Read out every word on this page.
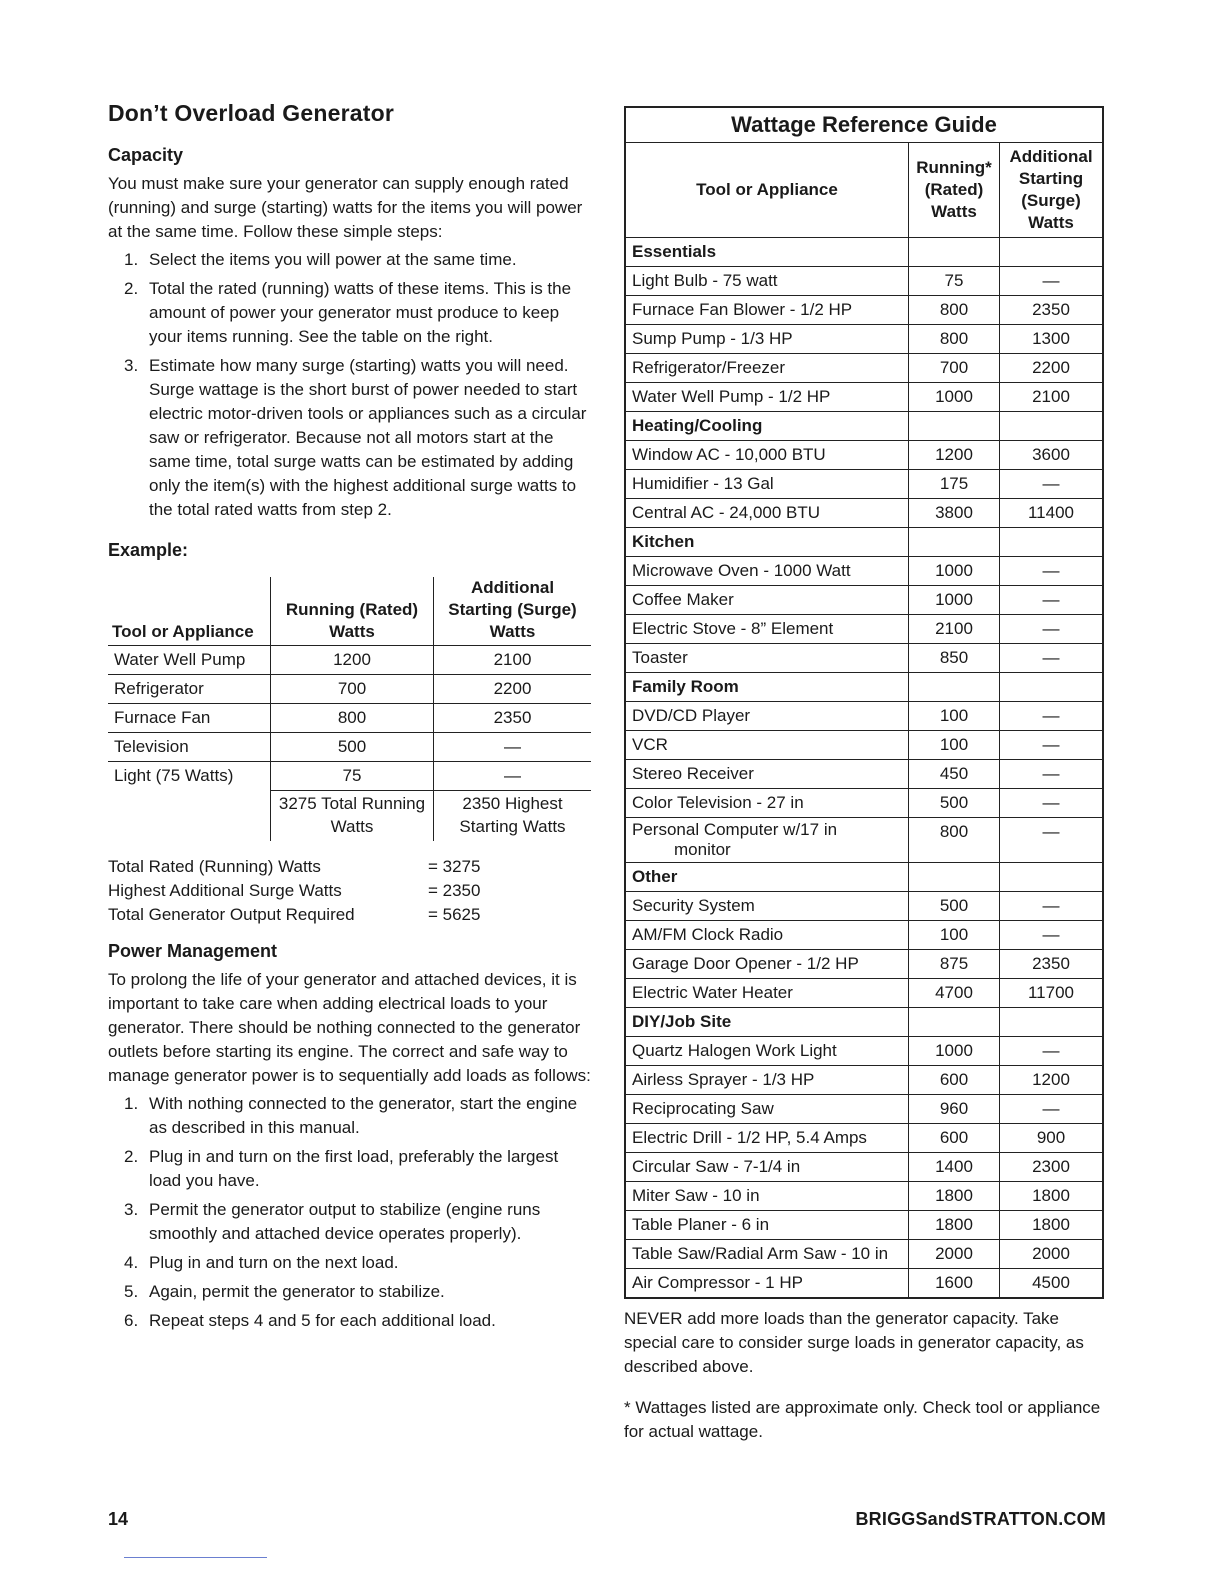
Don’t Overload Generator
Capacity

You must make sure your generator can supply enough rated (running) and surge (starting) watts for the items you will power at the same time. Follow these simple steps:

1. Select the items you will power at the same time.
2. Total the rated (running) watts of these items. This is the amount of power your generator must produce to keep your items running. See the table on the right.
3. Estimate how many surge (starting) watts you will need. Surge wattage is the short burst of power needed to start electric motor-driven tools or appliances such as a circular saw or refrigerator. Because not all motors start at the same time, total surge watts can be estimated by adding only the item(s) with the highest additional surge watts to the total rated watts from step 2.
Example:
Tool or Appliance	Running (Rated) Watts	Additional Starting (Surge) Watts
Water Well Pump	1200	2100
Refrigerator	700	2200
Furnace Fan	800	2350
Television	500	—
Light (75 Watts)	75	—
	3275 Total Running Watts	2350 Highest Starting Watts
Total Rated (Running) Watts	= 3275
Highest Additional Surge Watts	= 2350
Total Generator Output Required	= 5625
Power Management

To prolong the life of your generator and attached devices, it is important to take care when adding electrical loads to your generator. There should be nothing connected to the generator outlets before starting its engine. The correct and safe way to manage generator power is to sequentially add loads as follows:

1. With nothing connected to the generator, start the engine as described in this manual.
2. Plug in and turn on the first load, preferably the largest load you have.
3. Permit the generator output to stabilize (engine runs smoothly and attached device operates properly).
4. Plug in and turn on the next load.
5. Again, permit the generator to stabilize.
6. Repeat steps 4 and 5 for each additional load.
Wattage Reference Guide		
Tool or Appliance	Running* (Rated) Watts	Additional Starting (Surge) Watts
Essentials		

Light Bulb - 75 watt	75	—

Furnace Fan Blower - 1/2 HP	800	2350

Sump Pump - 1/3 HP	800	1300

Refrigerator/Freezer	700	2200

Water Well Pump - 1/2 HP	1000	2100
Heating/Cooling		

Window AC - 10,000 BTU	1200	3600

Humidifier - 13 Gal	175	—

Central AC - 24,000 BTU	3800	11400
Kitchen		

Microwave Oven - 1000 Watt	1000	—

Coffee Maker	1000	—

Electric Stove - 8” Element	2100	—

Toaster	850	—
Family Room		

DVD/CD Player	100	—

VCR	100	—

Stereo Receiver	450	—

Color Television - 27 in	500	—

Personal Computer w/17 in
monitor	800	—
Other		

Security System	500	—

AM/FM Clock Radio	100	—

Garage Door Opener - 1/2 HP	875	2350

Electric Water Heater	4700	11700
DIY/Job Site		

Quartz Halogen Work Light	1000	—

Airless Sprayer - 1/3 HP	600	1200

Reciprocating Saw	960	—

Electric Drill - 1/2 HP, 5.4 Amps	600	900

Circular Saw - 7-1/4 in	1400	2300

Miter Saw - 10 in	1800	1800

Table Planer - 6 in	1800	1800

Table Saw/Radial Arm Saw - 10 in	2000	2000

Air Compressor - 1 HP	1600	4500

NEVER add more loads than the generator capacity. Take special care to consider surge loads in generator capacity, as described above.

* Wattages listed are approximate only. Check tool or appliance for actual wattage.

14	BRIGGSandSTRATTON.COM
